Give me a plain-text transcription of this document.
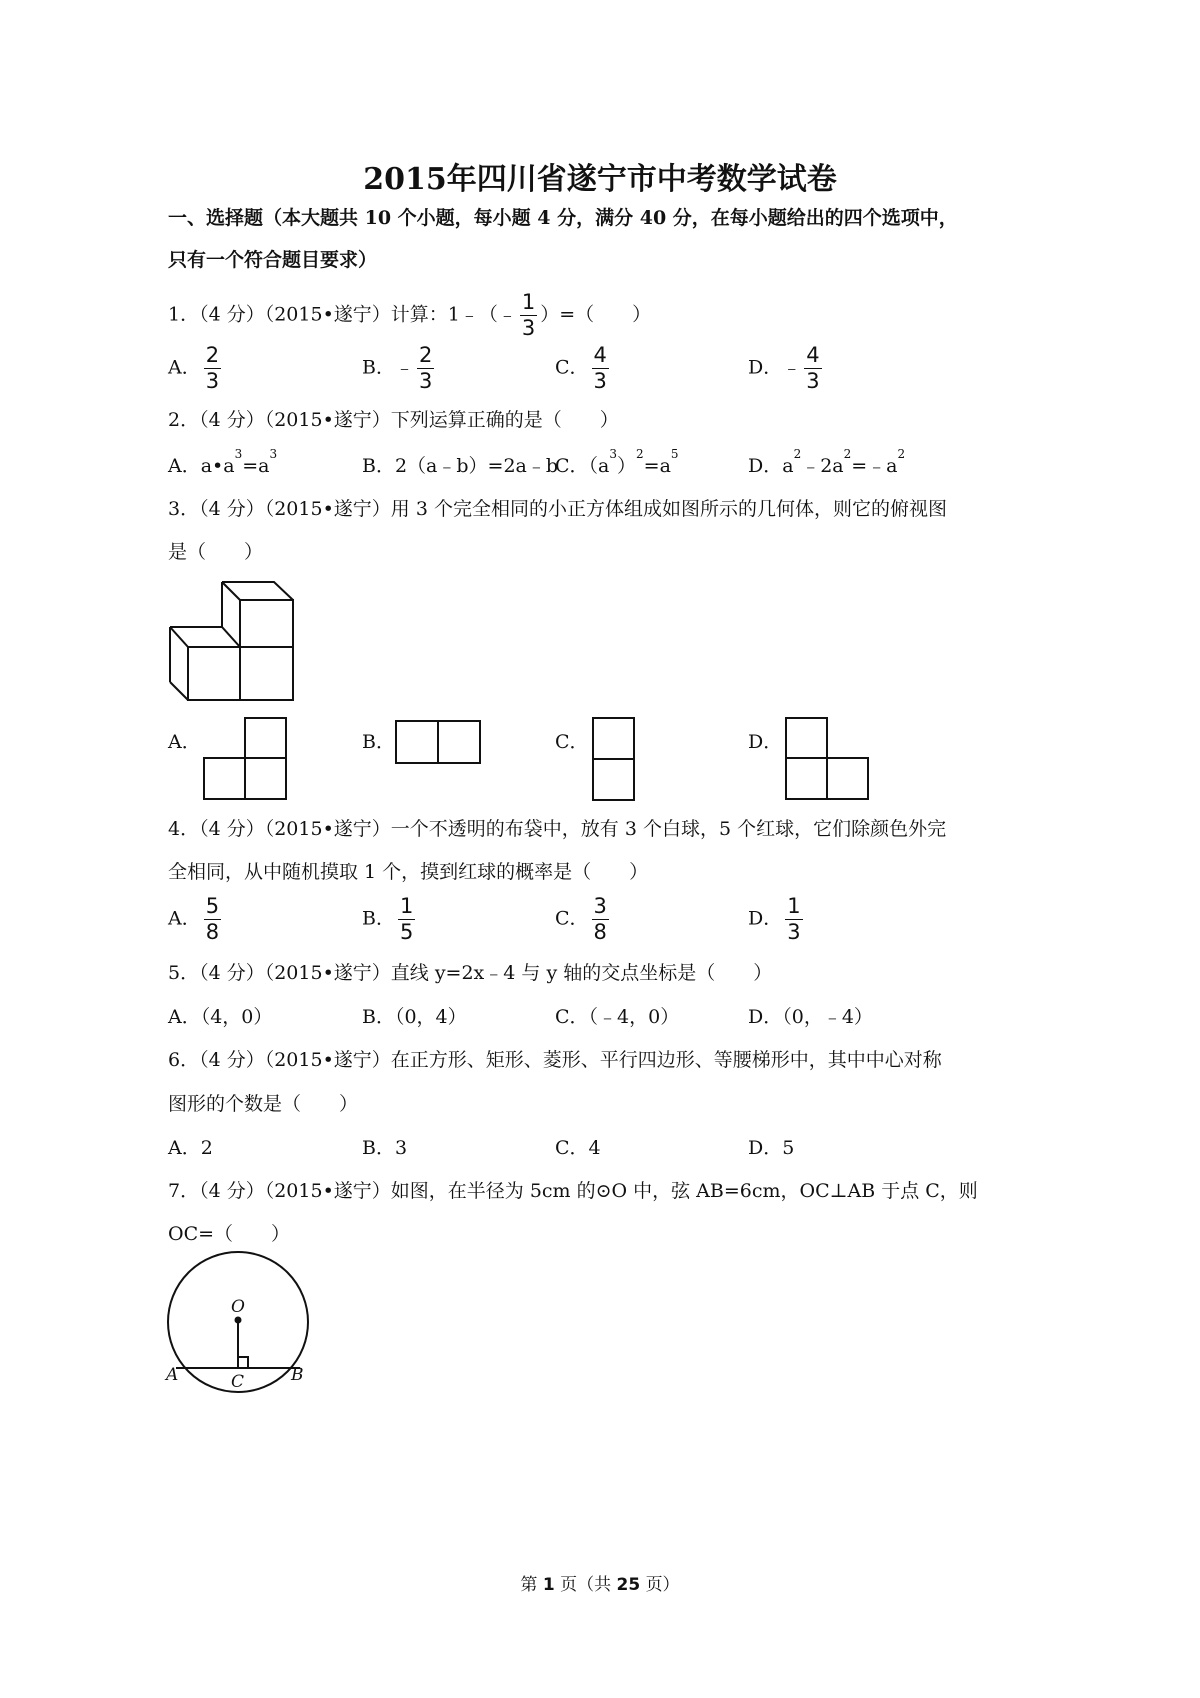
2015年四川省遂宁市中考数学试卷
一、选择题（本大题共 10 个小题，每小题 4 分，满分 40 分，在每小题给出的四个选项中，
只有一个符合题目要求）
1．（4 分）（2015•遂宁）计算：1﹣（﹣ $\frac{1}{3}$ ）=（　　）
A． $\frac{2}{3}$	B．﹣ $\frac{2}{3}$	C． $\frac{4}{3}$	D．﹣ $\frac{4}{3}$
2．（4 分）（2015•遂宁）下列运算正确的是（　　）
A．$a•a^3=a^3$
B．2（a﹣b）=2a﹣b
C．$(a^3)^2=a^5$
D．$a^2﹣2a^2=﹣a^2$
3．（4 分）（2015•遂宁）用 3 个完全相同的小正方体组成如图所示的几何体，则它的俯视图
是（　　）
A．	B．	C．	D．
4．（4 分）（2015•遂宁）一个不透明的布袋中，放有 3 个白球，5 个红球，它们除颜色外完
全相同，从中随机摸取 1 个，摸到红球的概率是（　　）
A． $\frac{5}{8}$	B． $\frac{1}{5}$	C． $\frac{3}{8}$	D． $\frac{1}{3}$
5．（4 分）（2015•遂宁）直线 y=2x﹣4 与 y 轴的交点坐标是（　　）
A．（4，0）	B．（0，4）	C．（﹣4，0）	D．（0，﹣4）
6．（4 分）（2015•遂宁）在正方形、矩形、菱形、平行四边形、等腰梯形中，其中中心对称
图形的个数是（　　）
A．2	B．3	C．4	D．5
7．（4 分）（2015•遂宁）如图，在半径为 5cm 的⊙O 中，弦 AB=6cm，OC⊥AB 于点 C，则
OC=（　　）
O
A	B
C
第 1 页（共 25 页）
